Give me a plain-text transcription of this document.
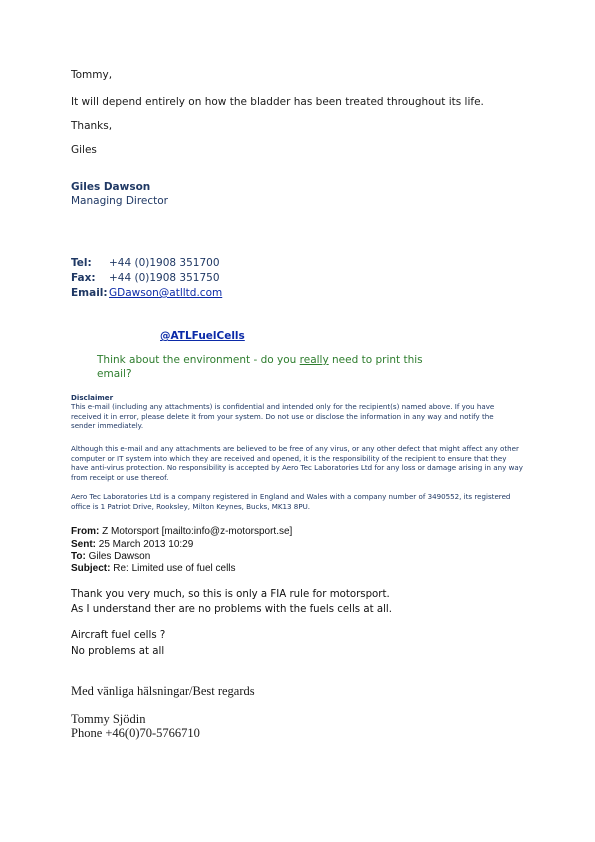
Tommy,
It will depend entirely on how the bladder has been treated throughout its life.
Thanks,
Giles
Giles Dawson
Managing Director
Tel: +44 (0)1908 351700
Fax: +44 (0)1908 351750
Email: GDawson@atlltd.com
@ATLFuelCells
Think about the environment - do you really need to print this
email?
Disclaimer
This e-mail (including any attachments) is confidential and intended only for the recipient(s) named above. If you have received it in error, please delete it from your system. Do not use or disclose the information in any way and notify the sender immediately.
Although this e-mail and any attachments are believed to be free of any virus, or any other defect that might affect any other computer or IT system into which they are received and opened, it is the responsibility of the recipient to ensure that they have anti-virus protection. No responsibility is accepted by Aero Tec Laboratories Ltd for any loss or damage arising in any way from receipt or use thereof.
Aero Tec Laboratories Ltd is a company registered in England and Wales with a company number of 3490552, its registered office is 1 Patriot Drive, Rooksley, Milton Keynes, Bucks, MK13 8PU.
From: Z Motorsport [mailto:info@z-motorsport.se]
Sent: 25 March 2013 10:29
To: Giles Dawson
Subject: Re: Limited use of fuel cells
Thank you very much, so this is only a FIA rule for motorsport.
As I understand ther are no problems with the fuels cells at all.
Aircraft fuel cells ?
No problems at all
Med vänliga hälsningar/Best regards
Tommy Sjödin
Phone +46(0)70-5766710
